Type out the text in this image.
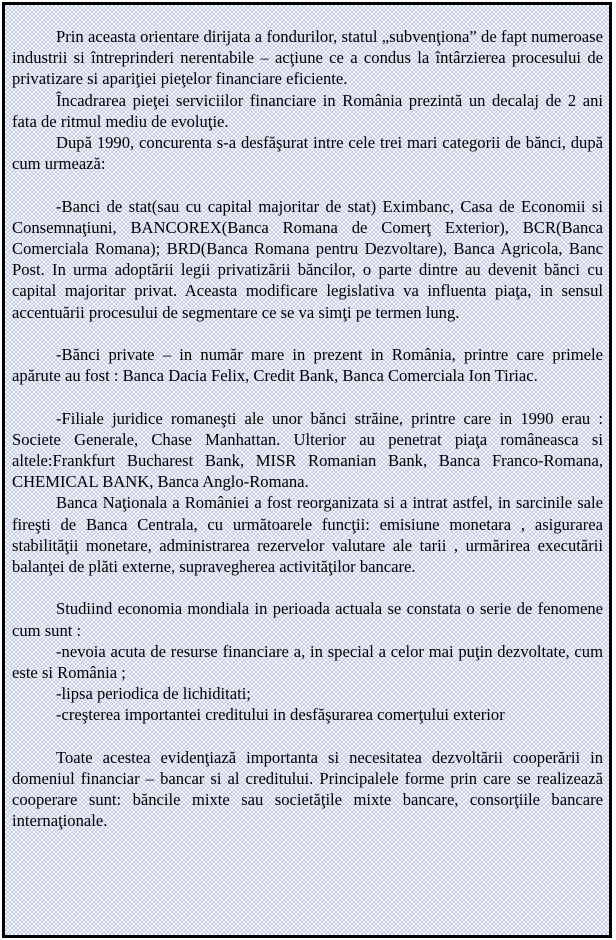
Prin aceasta orientare dirijata a fondurilor, statul „subvenţiona” de fapt numeroase industrii si întreprinderi nerentabile – acţiune ce a condus la întârzierea procesului de privatizare si apariţiei pieţelor financiare eficiente.

Încadrarea pieţei serviciilor financiare in România prezintă un decalaj de 2 ani fata de ritmul mediu de evoluţie.

După 1990, concurenta s-a desfăşurat intre cele trei mari categorii de bănci, după cum urmează:

-Banci de stat(sau cu capital majoritar de stat) Eximbanc, Casa de Economii si Consemnaţiuni, BANCOREX(Banca Romana de Comerţ Exterior), BCR(Banca Comerciala Romana); BRD(Banca Romana pentru Dezvoltare), Banca Agricola, Banc Post. In urma adoptării legii privatizării băncilor, o parte dintre au devenit bănci cu capital majoritar privat. Aceasta modificare legislativa va influenta piaţa, in sensul accentuării procesului de segmentare ce se va simţi pe termen lung.

-Bănci private – in număr mare in prezent in România, printre care primele apărute au fost : Banca Dacia Felix, Credit Bank, Banca Comerciala Ion Tiriac.

-Filiale juridice romaneşti ale unor bănci străine, printre care in 1990 erau : Societe Generale, Chase Manhattan. Ulterior au penetrat piaţa româneasca si altele:Frankfurt Bucharest Bank, MISR Romanian Bank, Banca Franco-Romana, CHEMICAL BANK, Banca Anglo-Romana.

Banca Naţionala a României a fost reorganizata si a intrat astfel, in sarcinile sale fireşti de Banca Centrala, cu următoarele funcţii: emisiune monetara , asigurarea stabilităţii monetare, administrarea rezervelor valutare ale tarii , urmărirea executării balanţei de plăti externe, supravegherea activităţilor bancare.

Studiind economia mondiala in perioada actuala se constata o serie de fenomene cum sunt :

-nevoia acuta de resurse financiare a, in special a celor mai puţin dezvoltate, cum este si România ;

-lipsa periodica de lichiditati;

-creşterea importantei creditului in desfăşurarea comerţului exterior

Toate acestea evidenţiază importanta si necesitatea dezvoltării cooperării in domeniul financiar – bancar si al creditului. Principalele forme prin care se realizează cooperare sunt: băncile mixte sau societăţile mixte bancare, consorţiile bancare internaţionale.
